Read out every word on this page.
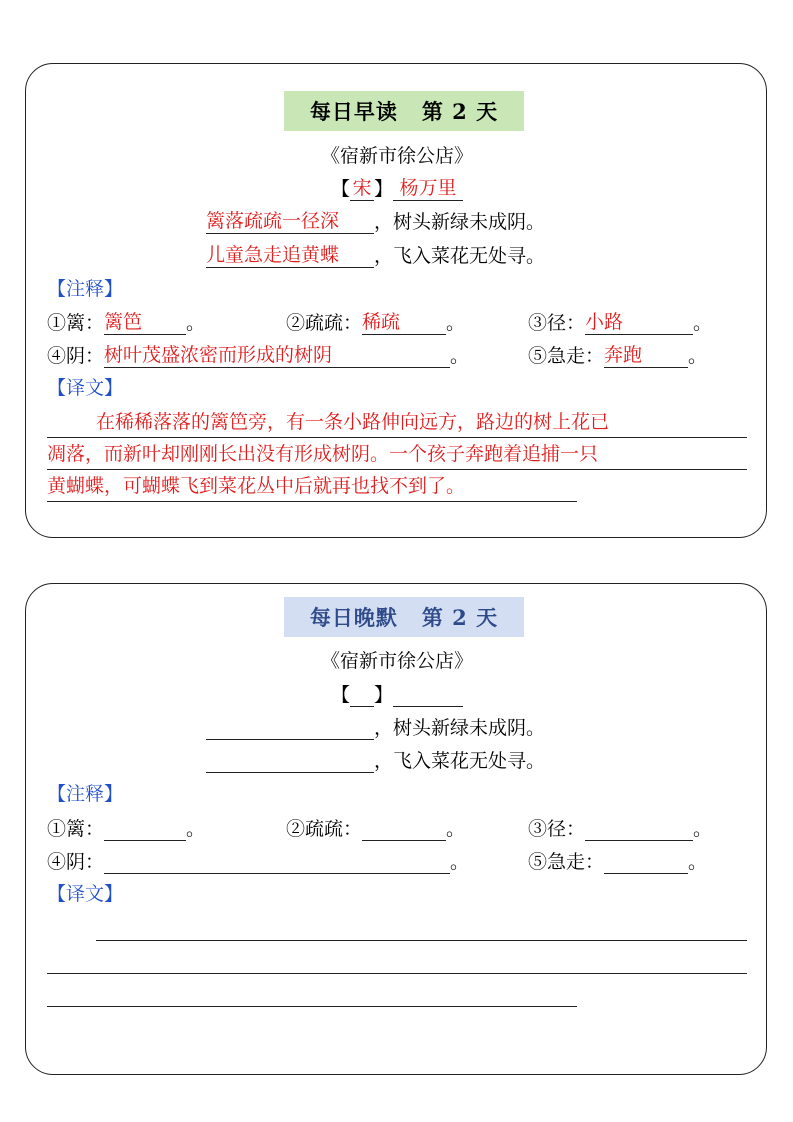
每日早读 第 2 天
《宿新市徐公店》
【 宋 】 杨万里
篱落疏疏一径深 ，树头新绿未成阴。
儿童急走追黄蝶 ，飞入菜花无处寻。
【注释】
①篱：篱笆 。	②疏疏：稀疏 。	③径：小路	。
④阴：树叶茂盛浓密而形成的树阴	。	⑤急走：奔跑 。
【译文】
在稀稀落落的篱笆旁，有一条小路伸向远方，路边的树上花已
凋落，而新叶却刚刚长出没有形成树阴。一个孩子奔跑着追捕一只
黄蝴蝶，可蝴蝶飞到菜花丛中后就再也找不到了。
每日晚默 第 2 天
《宿新市徐公店》
【 】
，树头新绿未成阴。
，飞入菜花无处寻。
【注释】
①篱：	。	②疏疏：	。	③径：	。
④阴：	。	⑤急走：	。
【译文】
